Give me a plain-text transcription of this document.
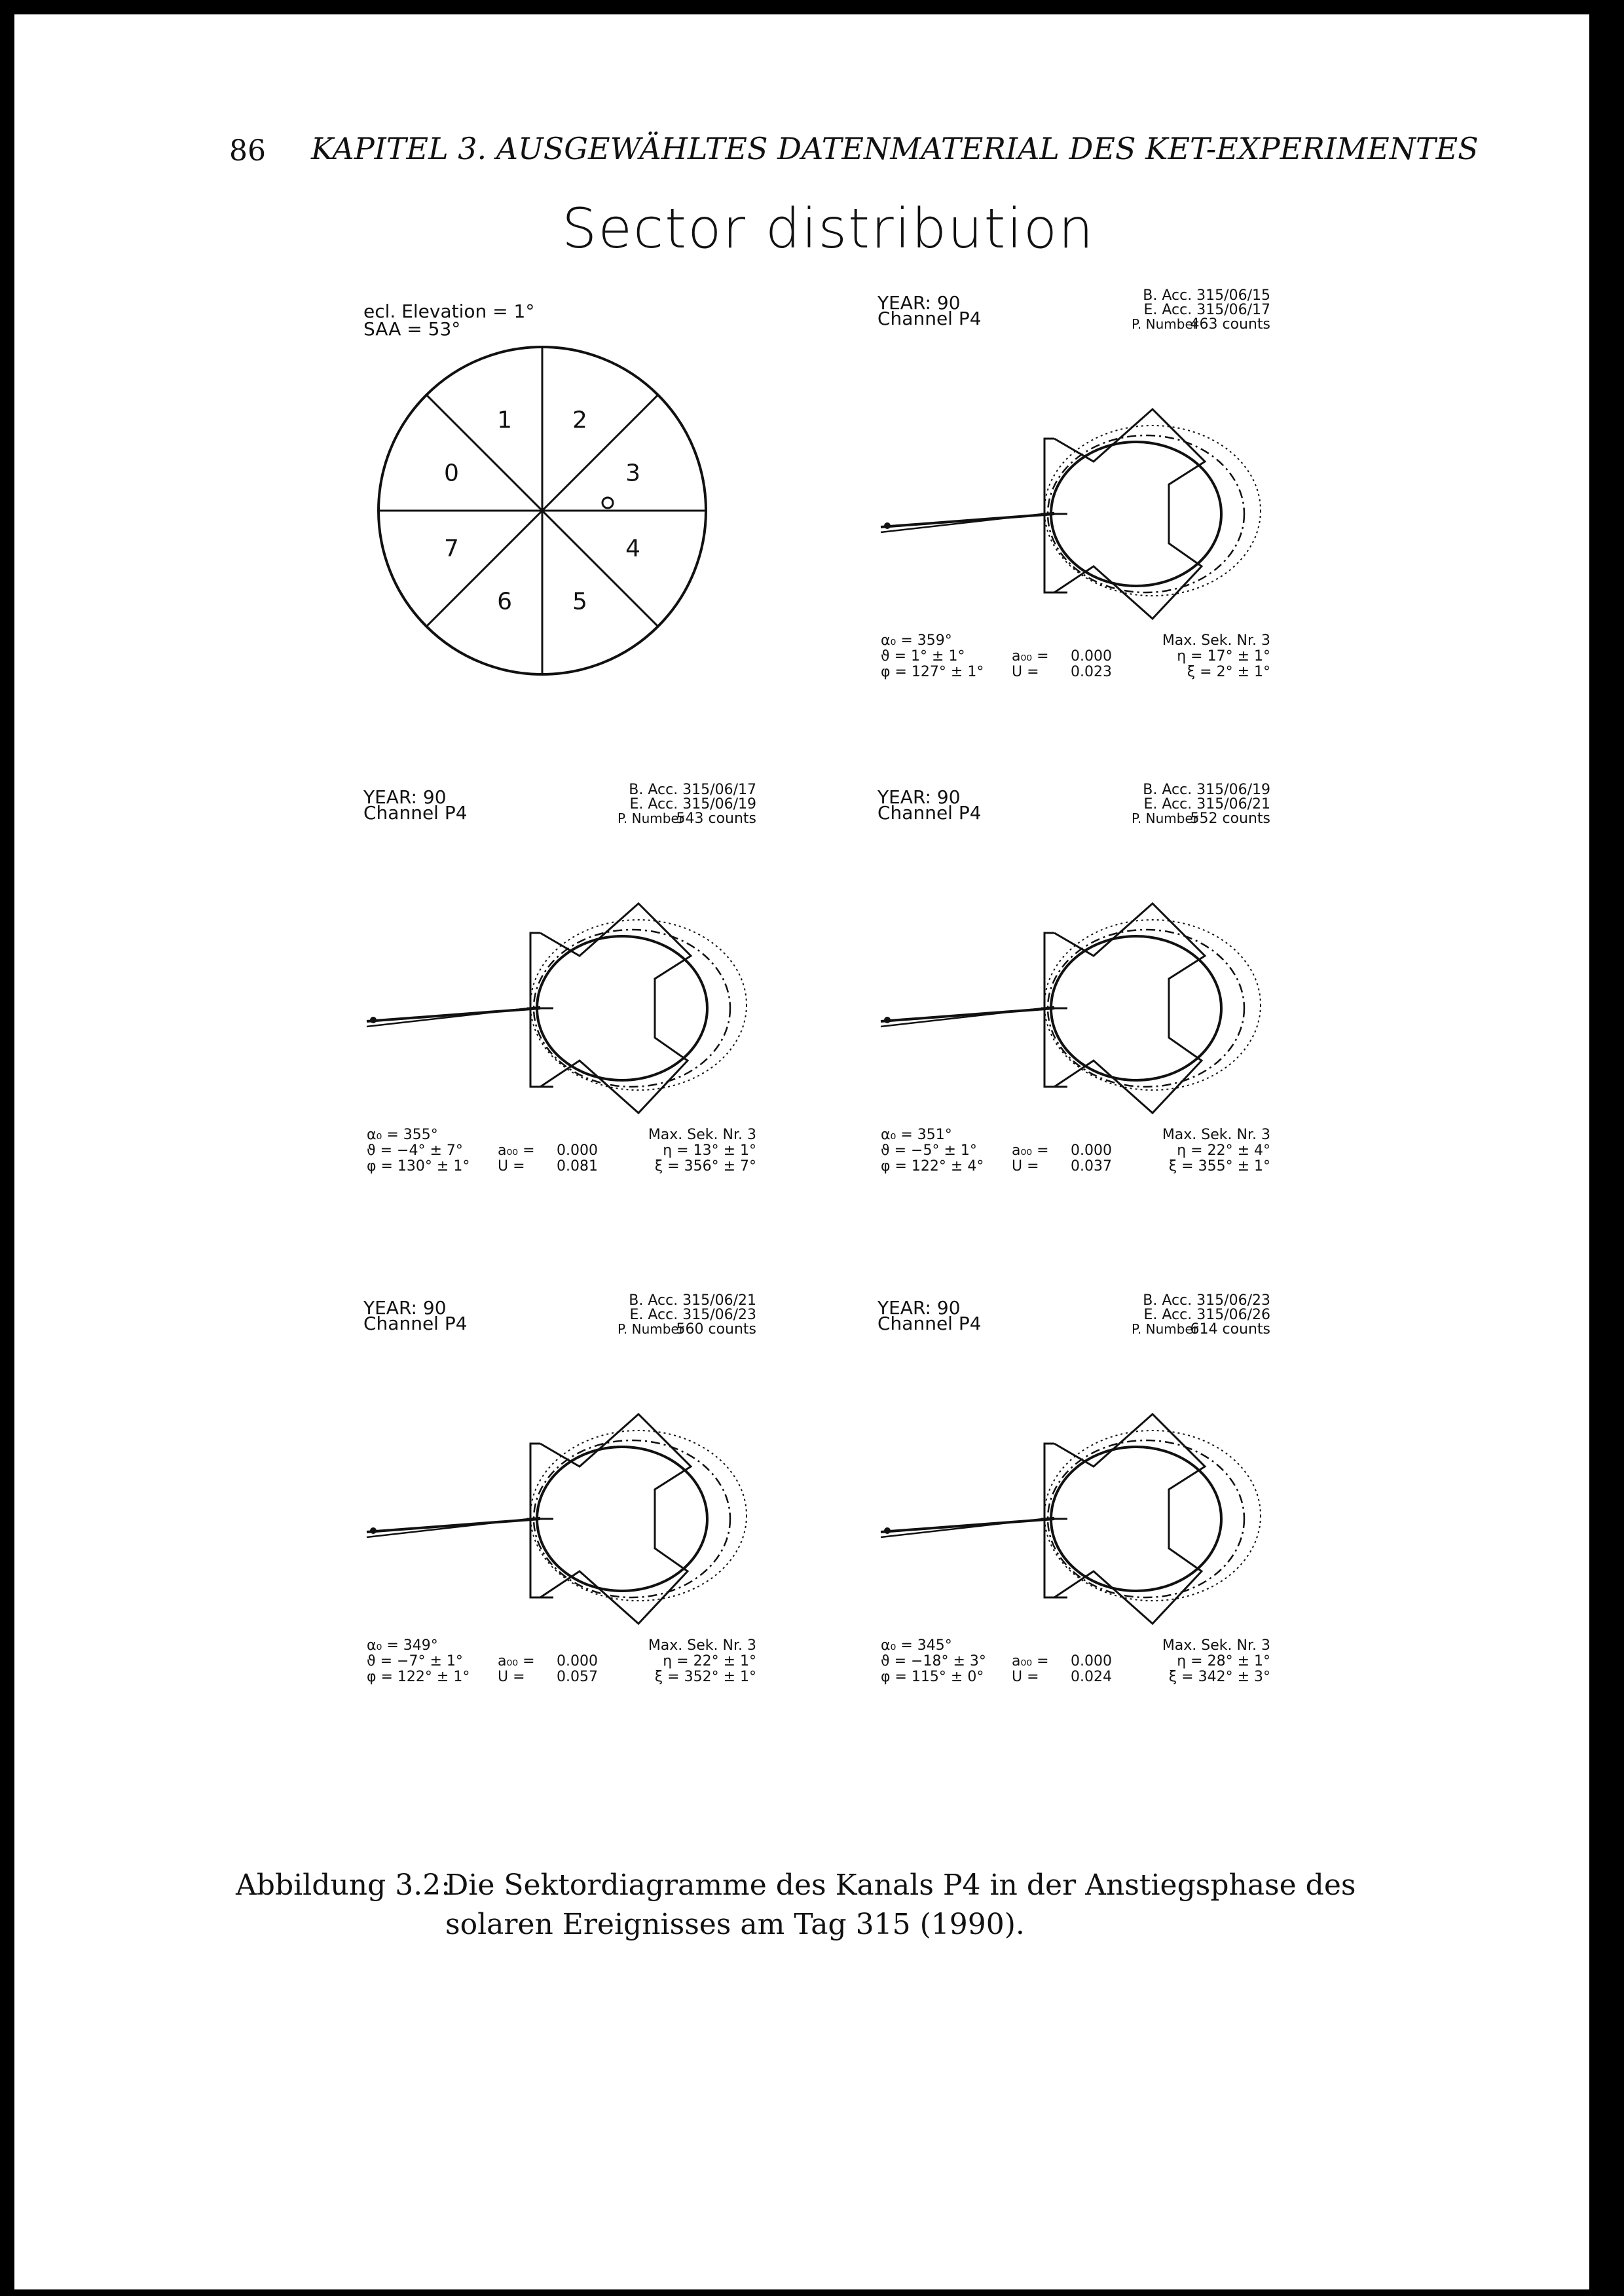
86 KAPITEL 3. AUSGEWÄHLTES DATENMATERIAL DES KET-EXPERIMENTES
Sector distribution
ecl. Elevation = 1°
SAA = 53°
0
1	2
3
4
5
6
7
YEAR: 90
Channel P4
B. Acc. 315/06/15
E. Acc. 315/06/17
P. Number
463 counts
α₀ = 359°
ϑ = 1° ± 1°
φ = 127° ± 1°
a₀₀ =
U =
0.000
0.023
Max. Sek. Nr. 3
η = 17° ± 1°
ξ = 2° ± 1°
YEAR: 90
Channel P4
B. Acc. 315/06/17
E. Acc. 315/06/19
P. Number
543 counts
α₀ = 355°
ϑ = −4° ± 7°
φ = 130° ± 1°
a₀₀ =
U =
0.000
0.081
Max. Sek. Nr. 3
η = 13° ± 1°
ξ = 356° ± 7°
YEAR: 90
Channel P4
B. Acc. 315/06/19
E. Acc. 315/06/21
P. Number
552 counts
α₀ = 351°
ϑ = −5° ± 1°
φ = 122° ± 4°
a₀₀ =
U =
0.000
0.037
Max. Sek. Nr. 3
η = 22° ± 4°
ξ = 355° ± 1°
YEAR: 90
Channel P4
B. Acc. 315/06/21
E. Acc. 315/06/23
P. Number
560 counts
α₀ = 349°
ϑ = −7° ± 1°
φ = 122° ± 1°
a₀₀ =
U =
0.000
0.057
Max. Sek. Nr. 3
η = 22° ± 1°
ξ = 352° ± 1°
YEAR: 90
Channel P4
B. Acc. 315/06/23
E. Acc. 315/06/26
P. Number
614 counts
α₀ = 345°
ϑ = −18° ± 3°
φ = 115° ± 0°
a₀₀ =
U =
0.000
0.024
Max. Sek. Nr. 3
η = 28° ± 1°
ξ = 342° ± 3°
Abbildung 3.2:
Die Sektordiagramme des Kanals P4 in der Anstiegsphase des solaren Ereignisses am Tag 315 (1990).
